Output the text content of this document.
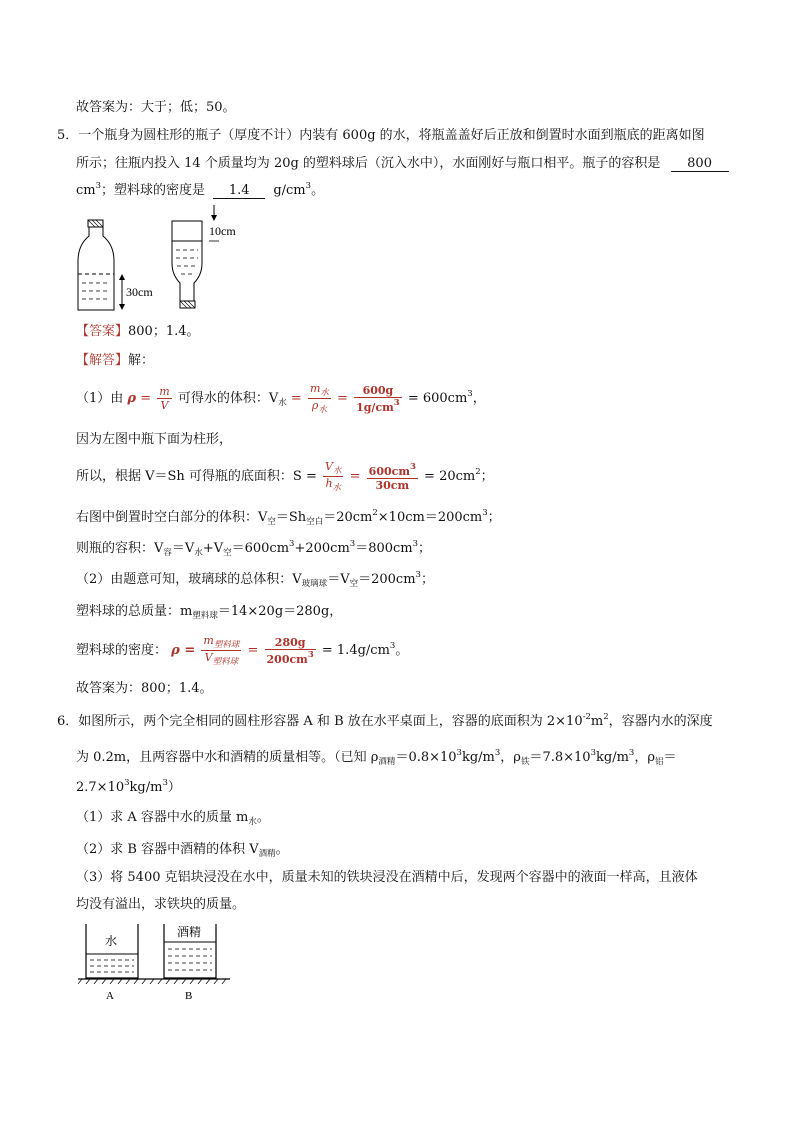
故答案为：大于；低；50。
5．一个瓶身为圆柱形的瓶子（厚度不计）内装有 600g 的水，将瓶盖盖好后正放和倒置时水面到瓶底的距离如图
所示；往瓶内投入 14 个质量均为 20g 的塑料球后（沉入水中），水面刚好与瓶口相平。瓶子的容积是 800
$cm^3$；塑料球的密度是 1.4 $g/cm^3$。
30cm
10cm
【答案】800；1.4。
【解答】解：
（1）由 $\rho = \frac{m}{V}$ 可得水的体积：$V_水 = \frac{m_水}{\rho_水} = \frac{600g}{1g/cm^3} = 600cm^3$，
因为左图中瓶下面为柱形，
所以，根据 V＝Sh 可得瓶的底面积：$S = \frac{V_水}{h_水} = \frac{600cm^3}{30cm} = 20cm^2$；
右图中倒置时空白部分的体积：$V_空=Sh_{空白}=20cm^2\times 10cm=200cm^3$；
则瓶的容积：$V_容=V_水+V_空=600cm^3+200cm^3=800cm^3$；
（2）由题意可知，玻璃球的总体积：$V_{玻璃球}=V_空=200cm^3$；
塑料球的总质量：$m_{塑料球}=14\times 20g=280g$，
塑料球的密度： $\rho = \frac{m_{塑料球}}{V_{塑料球}} = \frac{280g}{200cm^3} = 1.4g/cm^3$。
故答案为：800；1.4。
6．如图所示，两个完全相同的圆柱形容器 A 和 B 放在水平桌面上，容器的底面积为 $2\times 10^{-2}m^2$，容器内水的深度
为 0.2m，且两容器中水和酒精的质量相等。（已知 $\rho_{酒精}=0.8\times 10^3kg/m^3$，$\rho_铁=7.8\times 10^3kg/m^3$，$\rho_铝=$
$2.7\times 10^3kg/m^3$）
（1）求 A 容器中水的质量 $m_水$。
（2）求 B 容器中酒精的体积 $V_{酒精}$。
（3）将 5400 克铝块浸没在水中，质量未知的铁块浸没在酒精中后，发现两个容器中的液面一样高，且液体
均没有溢出，求铁块的质量。
水
酒精
A	B
